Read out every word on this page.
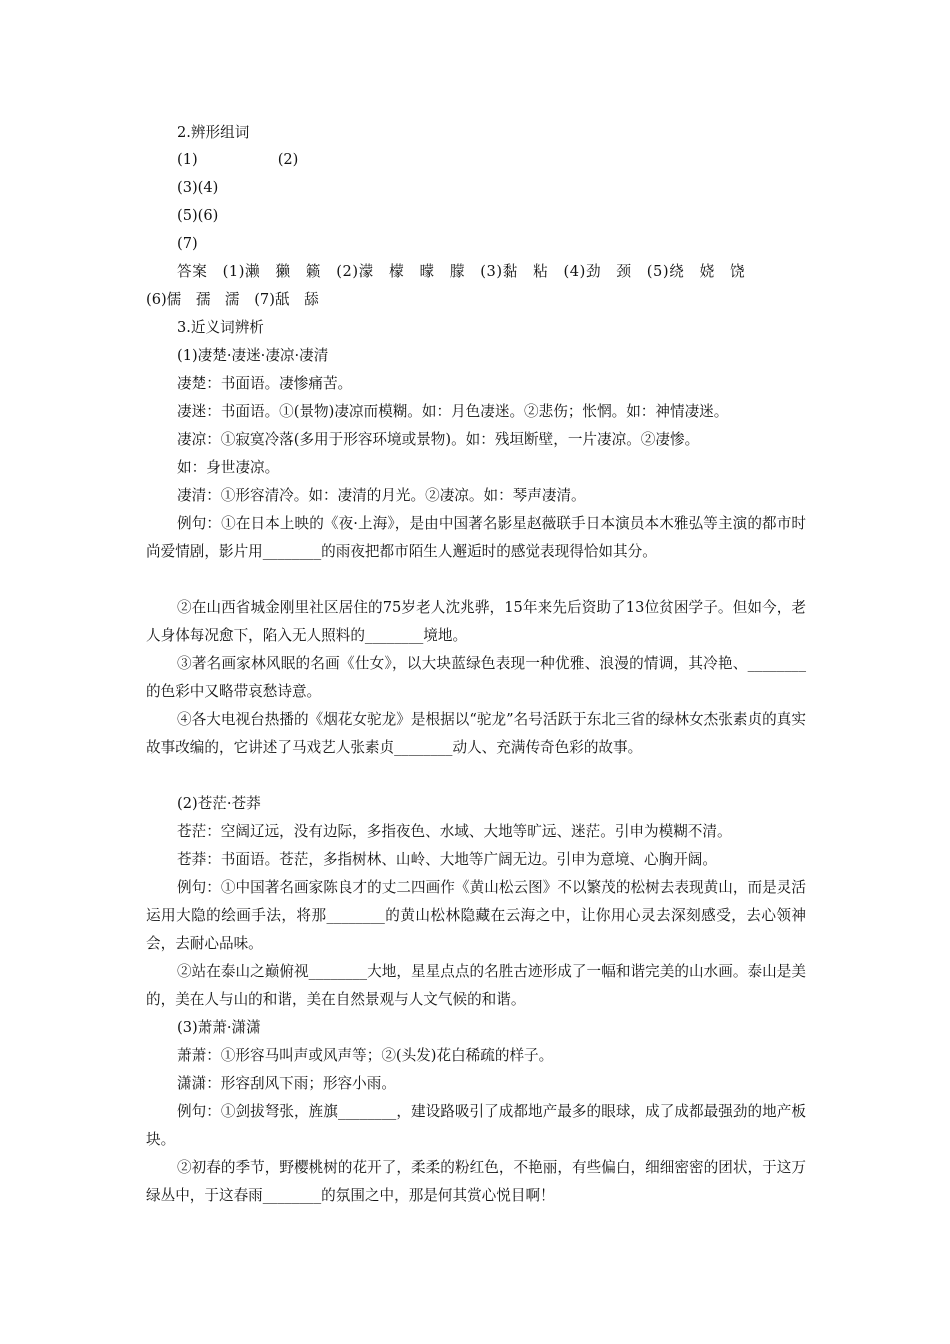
2.辨形组词
(1)	(2)
(3)(4)
(5)(6)
(7)
答案　(1)濑　獭　籁　(2)濛　檬　曚　朦　(3)黏　粘　(4)劲　颈　(5)绕　娆　饶
(6)儒　孺　濡　(7)舐　舔
3.近义词辨析
(1)凄楚·凄迷·凄凉·凄清
凄楚：书面语。凄惨痛苦。
凄迷：书面语。①(景物)凄凉而模糊。如：月色凄迷。②悲伤；怅惘。如：神情凄迷。
凄凉：①寂寞冷落(多用于形容环境或景物)。如：残垣断壁，一片凄凉。②凄惨。
如：身世凄凉。
凄清：①形容清冷。如：凄清的月光。②凄凉。如：琴声凄清。
例句：①在日本上映的《夜·上海》，是由中国著名影星赵薇联手日本演员本木雅弘等主演的都市时尚爱情剧，影片用________的雨夜把都市陌生人邂逅时的感觉表现得恰如其分。
②在山西省城金刚里社区居住的75岁老人沈兆骅，15年来先后资助了13位贫困学子。但如今，老人身体每况愈下，陷入无人照料的________境地。
③著名画家林风眠的名画《仕女》，以大块蓝绿色表现一种优雅、浪漫的情调，其冷艳、________的色彩中又略带哀愁诗意。
④各大电视台热播的《烟花女驼龙》是根据以“驼龙”名号活跃于东北三省的绿林女杰张素贞的真实故事改编的，它讲述了马戏艺人张素贞________动人、充满传奇色彩的故事。
(2)苍茫·苍莽
苍茫：空阔辽远，没有边际，多指夜色、水域、大地等旷远、迷茫。引申为模糊不清。
苍莽：书面语。苍茫，多指树林、山岭、大地等广阔无边。引申为意境、心胸开阔。
例句：①中国著名画家陈良才的丈二四画作《黄山松云图》不以繁茂的松树去表现黄山，而是灵活运用大隐的绘画手法，将那________的黄山松林隐藏在云海之中，让你用心灵去深刻感受，去心领神会，去耐心品味。
②站在泰山之巅俯视________大地，星星点点的名胜古迹形成了一幅和谐完美的山水画。泰山是美的，美在人与山的和谐，美在自然景观与人文气候的和谐。
(3)萧萧·潇潇
萧萧：①形容马叫声或风声等；②(头发)花白稀疏的样子。
潇潇：形容刮风下雨；形容小雨。
例句：①剑拔弩张，旌旗________，建设路吸引了成都地产最多的眼球，成了成都最强劲的地产板块。
②初春的季节，野樱桃树的花开了，柔柔的粉红色，不艳丽，有些偏白，细细密密的团状，于这万绿丛中，于这春雨________的氛围之中，那是何其赏心悦目啊！
